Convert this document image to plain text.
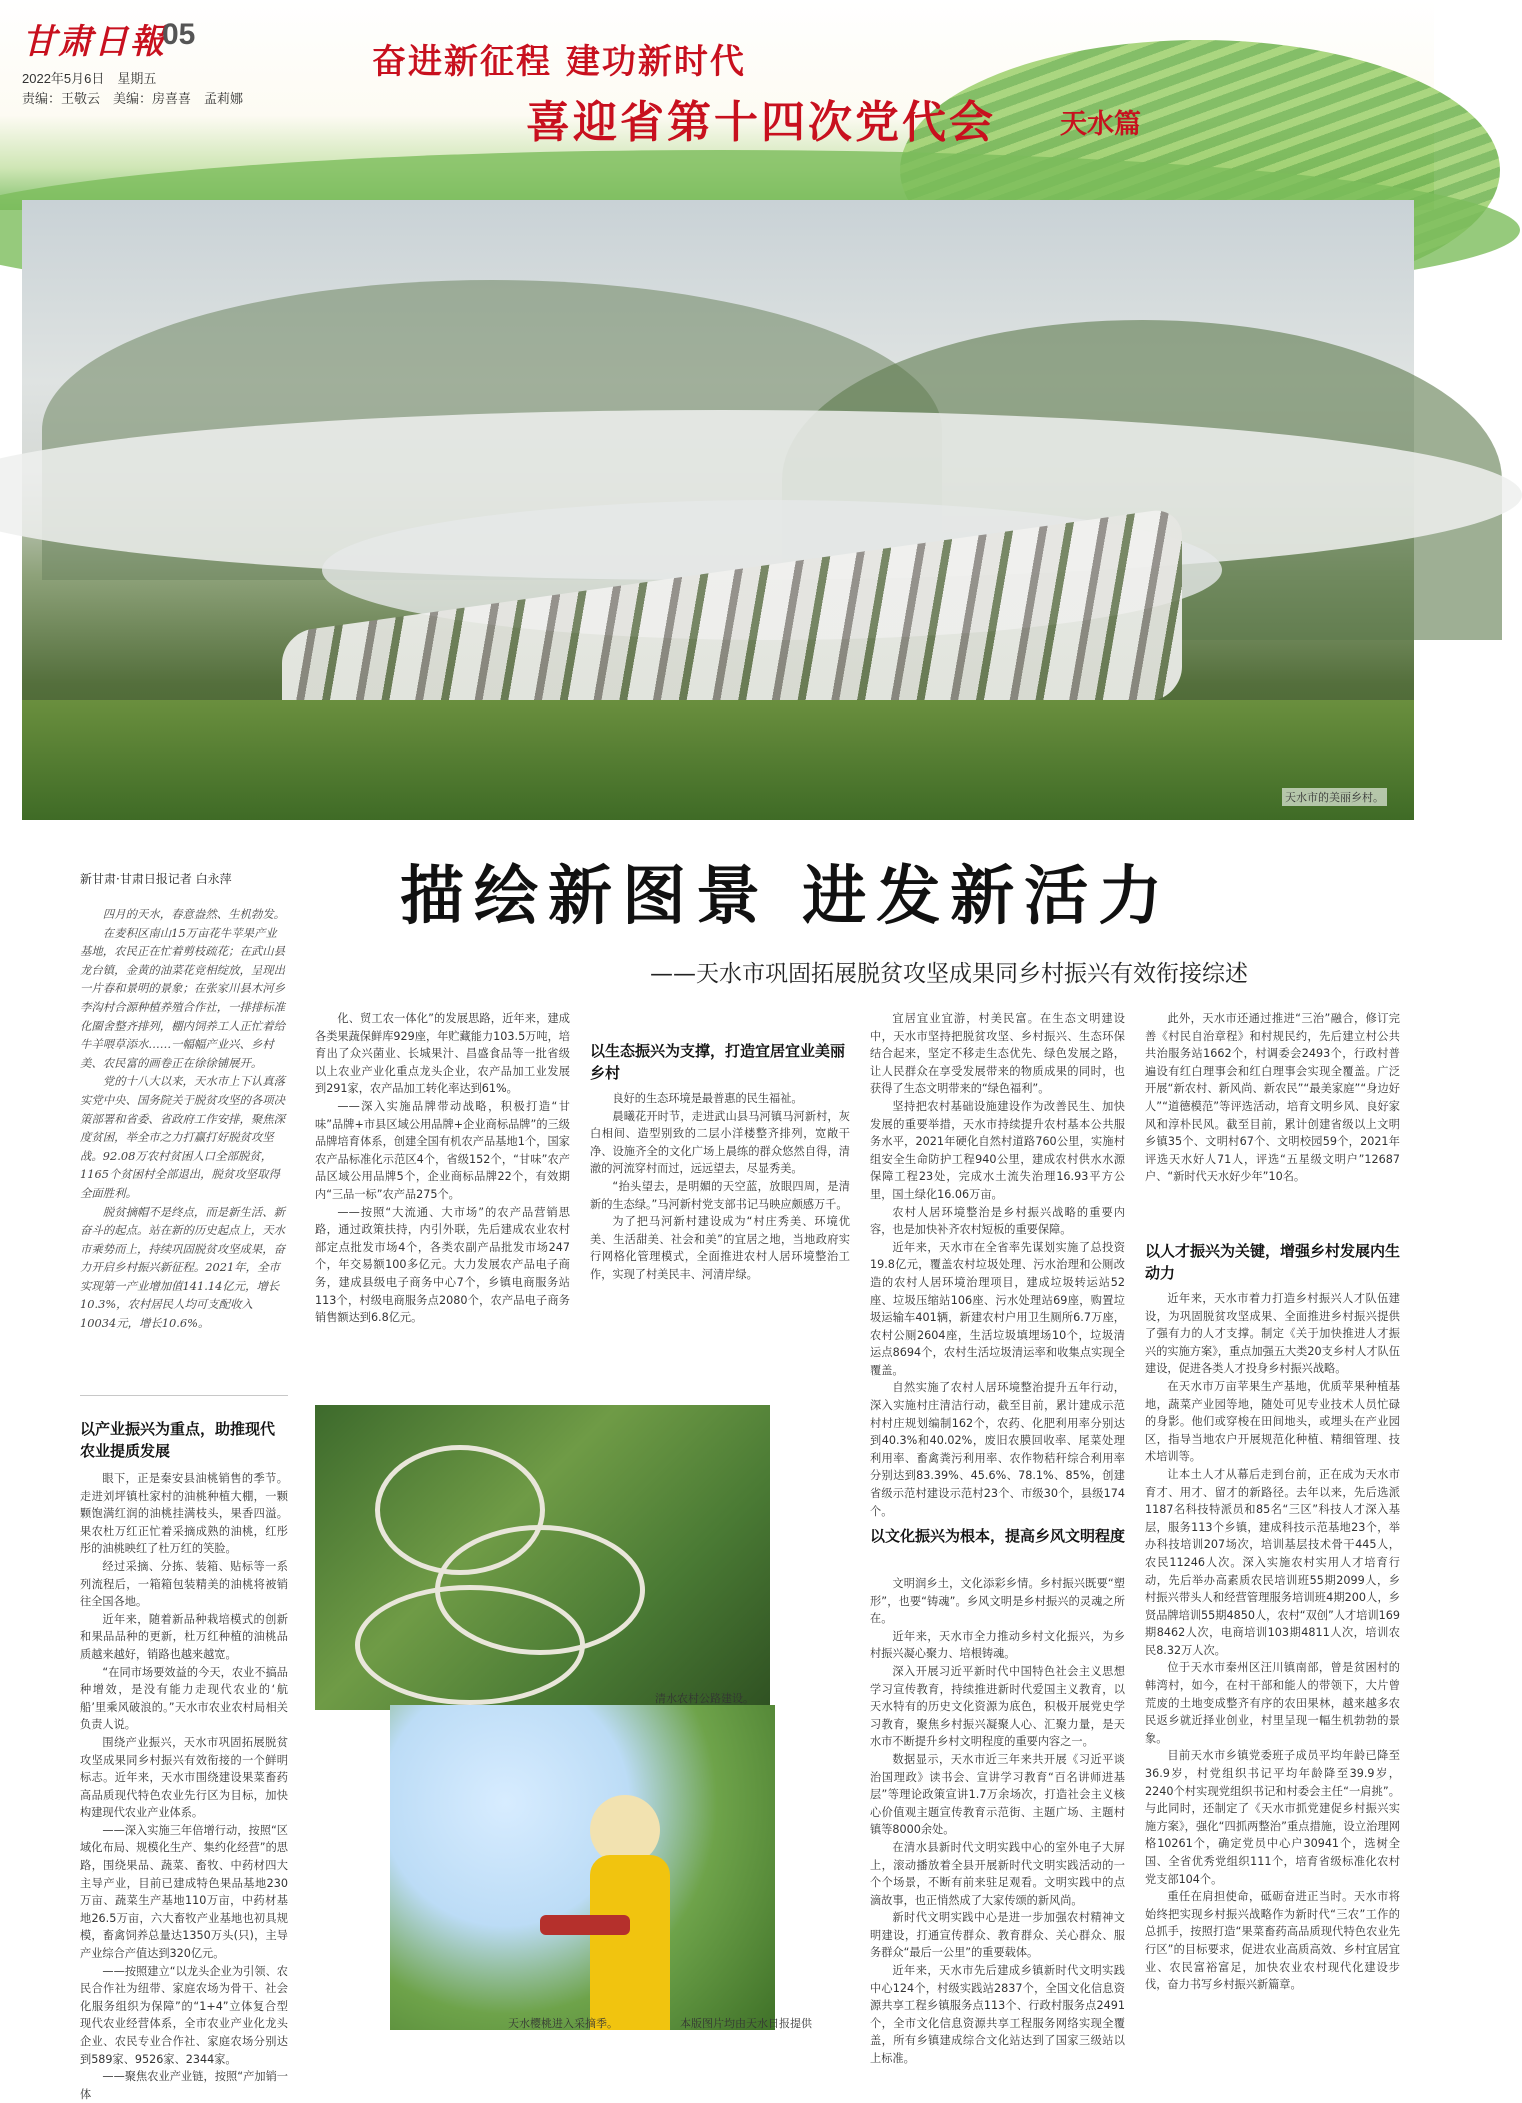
甘肃日報
05
2022年5月6日　星期五
责编：王敬云　美编：房喜喜　孟莉娜
奋进新征程 建功新时代
喜迎省第十四次党代会 天水篇
天水市的美丽乡村。
描绘新图景 进发新活力
——天水市巩固拓展脱贫攻坚成果同乡村振兴有效衔接综述
新甘肃·甘肃日报记者 白永萍

四月的天水，春意盎然、生机勃发。

在麦积区南山15万亩花牛苹果产业基地，农民正在忙着剪枝疏花；在武山县龙台镇，金黄的油菜花竞相绽放，呈现出一片春和景明的景象；在张家川县木河乡李沟村合源种植养殖合作社，一排排标准化圈舍整齐排列，棚内饲养工人正忙着给牛羊喂草添水……一幅幅产业兴、乡村美、农民富的画卷正在徐徐铺展开。

党的十八大以来，天水市上下认真落实党中央、国务院关于脱贫攻坚的各项决策部署和省委、省政府工作安排，聚焦深度贫困，举全市之力打赢打好脱贫攻坚战。92.08万农村贫困人口全部脱贫，1165个贫困村全部退出，脱贫攻坚取得全面胜利。

脱贫摘帽不是终点，而是新生活、新奋斗的起点。站在新的历史起点上，天水市乘势而上，持续巩固脱贫攻坚成果，奋力开启乡村振兴新征程。2021年，全市实现第一产业增加值141.14亿元，增长10.3%，农村居民人均可支配收入10034元，增长10.6%。

以产业振兴为重点，助推现代农业提质发展

眼下，正是秦安县油桃销售的季节。走进刘坪镇杜家村的油桃种植大棚，一颗颗饱满红润的油桃挂满枝头，果香四溢。果农杜万红正忙着采摘成熟的油桃，红彤彤的油桃映红了杜万红的笑脸。

经过采摘、分拣、装箱、贴标等一系列流程后，一箱箱包装精美的油桃将被销往全国各地。

近年来，随着新品种栽培模式的创新和果品品种的更新，杜万红种植的油桃品质越来越好，销路也越来越宽。

“在同市场要效益的今天，农业不搞品种增效，是没有能力走现代农业的‘航船’里乘风破浪的。”天水市农业农村局相关负责人说。

围绕产业振兴，天水市巩固拓展脱贫攻坚成果同乡村振兴有效衔接的一个鲜明标志。近年来，天水市围绕建设果菜畜药高品质现代特色农业先行区为目标，加快构建现代农业产业体系。

——深入实施三年倍增行动，按照“区域化布局、规模化生产、集约化经营”的思路，围绕果品、蔬菜、畜牧、中药材四大主导产业，目前已建成特色果品基地230万亩、蔬菜生产基地110万亩，中药材基地26.5万亩，六大畜牧产业基地也初具规模，畜禽饲养总量达1350万头(只)，主导产业综合产值达到320亿元。

——按照建立“以龙头企业为引领、农民合作社为纽带、家庭农场为骨干、社会化服务组织为保障”的“1+4”立体复合型现代农业经营体系，全市农业产业化龙头企业、农民专业合作社、家庭农场分别达到589家、9526家、2344家。

——聚焦农业产业链，按照“产加销一体

化、贸工农一体化”的发展思路，近年来，建成各类果蔬保鲜库929座，年贮藏能力103.5万吨，培育出了众兴菌业、长城果汁、昌盛食品等一批省级以上农业产业化重点龙头企业，农产品加工业发展到291家，农产品加工转化率达到61%。

——深入实施品牌带动战略，积极打造“甘味”品牌+市县区域公用品牌+企业商标品牌”的三级品牌培育体系，创建全国有机农产品基地1个，国家农产品标准化示范区4个，省级152个，“甘味”农产品区域公用品牌5个，企业商标品牌22个，有效期内“三品一标”农产品275个。

——按照“大流通、大市场”的农产品营销思路，通过政策扶持，内引外联，先后建成农业农村部定点批发市场4个，各类农副产品批发市场247个，年交易额100多亿元。大力发展农产品电子商务，建成县级电子商务中心7个，乡镇电商服务站113个，村级电商服务点2080个，农产品电子商务销售额达到6.8亿元。

以生态振兴为支撑，打造宜居宜业美丽乡村

良好的生态环境是最普惠的民生福祉。

晨曦花开时节，走进武山县马河镇马河新村，灰白相间、造型别致的二层小洋楼整齐排列，宽敞干净、设施齐全的文化广场上晨练的群众悠然自得，清澈的河流穿村而过，远远望去，尽显秀美。

“抬头望去，是明媚的天空蓝，放眼四周，是清新的生态绿。”马河新村党支部书记马映应颇感万千。

为了把马河新村建设成为“村庄秀美、环境优美、生活甜美、社会和美”的宜居之地，当地政府实行网格化管理模式，全面推进农村人居环境整治工作，实现了村美民丰、河清岸绿。

宜居宜业宜游，村美民富。在生态文明建设中，天水市坚持把脱贫攻坚、乡村振兴、生态环保结合起来，坚定不移走生态优先、绿色发展之路，让人民群众在享受发展带来的物质成果的同时，也获得了生态文明带来的“绿色福利”。

坚持把农村基础设施建设作为改善民生、加快发展的重要举措，天水市持续提升农村基本公共服务水平，2021年硬化自然村道路760公里，实施村组安全生命防护工程940公里，建成农村供水水源保障工程23处，完成水土流失治理16.93平方公里，国土绿化16.06万亩。

农村人居环境整治是乡村振兴战略的重要内容，也是加快补齐农村短板的重要保障。

近年来，天水市在全省率先谋划实施了总投资19.8亿元，覆盖农村垃圾处理、污水治理和公厕改造的农村人居环境治理项目，建成垃圾转运站52座、垃圾压缩站106座、污水处理站69座，购置垃圾运输车401辆，新建农村户用卫生厕所6.7万座，农村公厕2604座，生活垃圾填埋场10个，垃圾清运点8694个，农村生活垃圾清运率和收集点实现全覆盖。

自然实施了农村人居环境整治提升五年行动，深入实施村庄清洁行动，截至目前，累计建成示范村村庄规划编制162个，农药、化肥利用率分别达到40.3%和40.02%，废旧农膜回收率、尾菜处理利用率、畜禽粪污利用率、农作物秸秆综合利用率分别达到83.39%、45.6%、78.1%、85%，创建省级示范村建设示范村23个、市级30个，县级174个。

以文化振兴为根本，提高乡风文明程度

文明润乡土，文化添彩乡情。乡村振兴既要“塑形”，也要“铸魂”。乡风文明是乡村振兴的灵魂之所在。

近年来，天水市全力推动乡村文化振兴，为乡村振兴凝心聚力、培根铸魂。

深入开展习近平新时代中国特色社会主义思想学习宣传教育，持续推进新时代爱国主义教育，以天水特有的历史文化资源为底色，积极开展党史学习教育，聚焦乡村振兴凝聚人心、汇聚力量，是天水市不断提升乡村文明程度的重要内容之一。

数据显示，天水市近三年来共开展《习近平谈治国理政》读书会、宣讲学习教育“百名讲师进基层”等理论政策宣讲1.7万余场次，打造社会主义核心价值观主题宣传教育示范街、主题广场、主题村镇等8000余处。

在清水县新时代文明实践中心的室外电子大屏上，滚动播放着全县开展新时代文明实践活动的一个个场景，不断有前来驻足观看。文明实践中的点滴故事，也正悄然成了大家传颂的新风尚。

新时代文明实践中心是进一步加强农村精神文明建设，打通宣传群众、教育群众、关心群众、服务群众“最后一公里”的重要载体。

近年来，天水市先后建成乡镇新时代文明实践中心124个，村级实践站2837个，全国文化信息资源共享工程乡镇服务点113个、行政村服务点2491个，全市文化信息资源共享工程服务网络实现全覆盖，所有乡镇建成综合文化站达到了国家三级站以上标准。

此外，天水市还通过推进“三治”融合，修订完善《村民自治章程》和村规民约，先后建立村公共共治服务站1662个，村调委会2493个，行政村普遍设有红白理事会和红白理事会实现全覆盖。广泛开展“新农村、新风尚、新农民”“最美家庭”“身边好人”“道德模范”等评选活动，培育文明乡风、良好家风和淳朴民风。截至目前，累计创建省级以上文明乡镇35个、文明村67个、文明校园59个，2021年评选天水好人71人，评选“五星级文明户”12687户、“新时代天水好少年”10名。

以人才振兴为关键，增强乡村发展内生动力

近年来，天水市着力打造乡村振兴人才队伍建设，为巩固脱贫攻坚成果、全面推进乡村振兴提供了强有力的人才支撑。制定《关于加快推进人才振兴的实施方案》，重点加强五大类20支乡村人才队伍建设，促进各类人才投身乡村振兴战略。

在天水市万亩苹果生产基地，优质苹果种植基地，蔬菜产业园等地，随处可见专业技术人员忙碌的身影。他们或穿梭在田间地头，或埋头在产业园区，指导当地农户开展规范化种植、精细管理、技术培训等。

让本土人才从幕后走到台前，正在成为天水市育才、用才、留才的新路径。去年以来，先后选派1187名科技特派员和85名“三区”科技人才深入基层，服务113个乡镇，建成科技示范基地23个，举办科技培训207场次，培训基层技术骨干445人，农民11246人次。深入实施农村实用人才培育行动，先后举办高素质农民培训班55期2099人，乡村振兴带头人和经营管理服务培训班4期200人，乡贤品牌培训55期4850人，农村“双创”人才培训169期8462人次，电商培训103期4811人次，培训农民8.32万人次。

位于天水市秦州区汪川镇南部，曾是贫困村的韩湾村，如今，在村干部和能人的带领下，大片曾荒废的土地变成整齐有序的农田果林，越来越多农民返乡就近择业创业，村里呈现一幅生机勃勃的景象。

目前天水市乡镇党委班子成员平均年龄已降至36.9岁，村党组织书记平均年龄降至39.9岁，2240个村实现党组织书记和村委会主任“一肩挑”。与此同时，还制定了《天水市抓党建促乡村振兴实施方案》，强化“四抓两整治”重点措施，设立治理网格10261个，确定党员中心户30941个，选树全国、全省优秀党组织111个，培育省级标准化农村党支部104个。

重任在肩担使命，砥砺奋进正当时。天水市将始终把实现乡村振兴战略作为新时代“三农”工作的总抓手，按照打造“果菜畜药高品质现代特色农业先行区”的目标要求，促进农业高质高效、乡村宜居宜业、农民富裕富足，加快农业农村现代化建设步伐，奋力书写乡村振兴新篇章。

清水农村公路建设。
天水樱桃进入采摘季。	本版图片均由天水日报提供
